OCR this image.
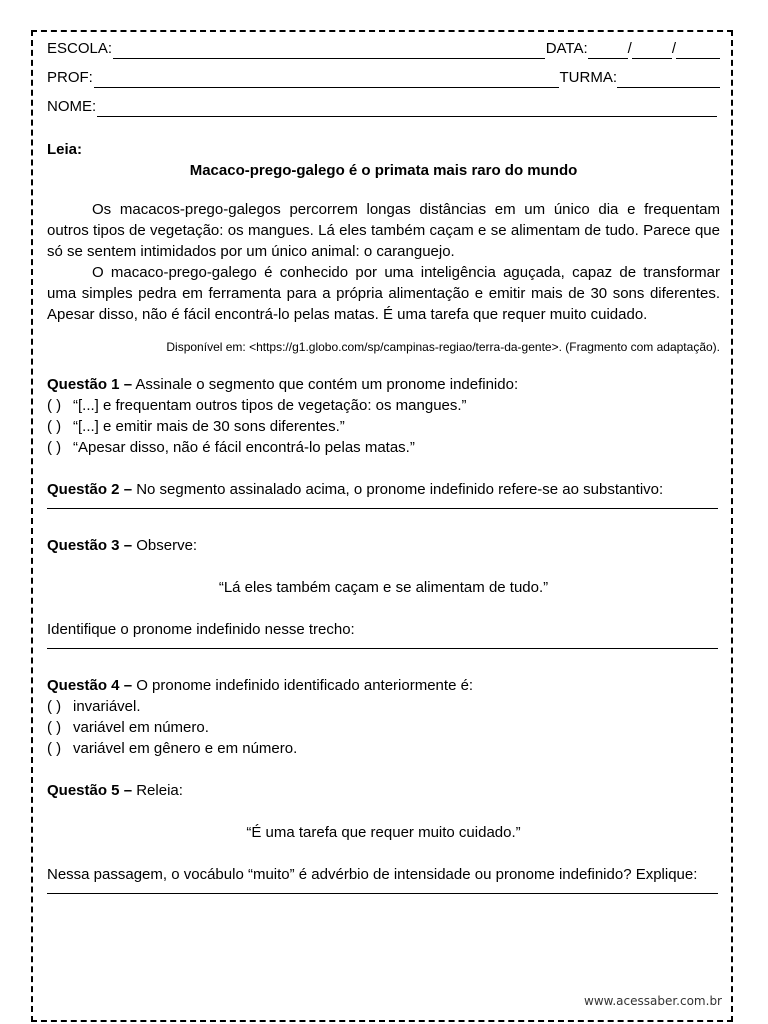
ESCOLA:	DATA:	/	/
PROF:	TURMA:
NOME:
Leia:
Macaco-prego-galego é o primata mais raro do mundo
Os macacos-prego-galegos percorrem longas distâncias em um único dia e frequentam outros tipos de vegetação: os mangues. Lá eles também caçam e se alimentam de tudo. Parece que só se sentem intimidados por um único animal: o caranguejo.
O macaco-prego-galego é conhecido por uma inteligência aguçada, capaz de transformar uma simples pedra em ferramenta para a própria alimentação e emitir mais de 30 sons diferentes. Apesar disso, não é fácil encontrá-lo pelas matas. É uma tarefa que requer muito cuidado.
Disponível em: <https://g1.globo.com/sp/campinas-regiao/terra-da-gente>. (Fragmento com adaptação).
Questão 1 – Assinale o segmento que contém um pronome indefinido:
( ) “[...] e frequentam outros tipos de vegetação: os mangues.”
( ) “[...] e emitir mais de 30 sons diferentes.”
( ) “Apesar disso, não é fácil encontrá-lo pelas matas.”
Questão 2 – No segmento assinalado acima, o pronome indefinido refere-se ao substantivo:
Questão 3 – Observe:
“Lá eles também caçam e se alimentam de tudo.”
Identifique o pronome indefinido nesse trecho:
Questão 4 – O pronome indefinido identificado anteriormente é:
( ) invariável.
( ) variável em número.
( ) variável em gênero e em número.
Questão 5 – Releia:
“É uma tarefa que requer muito cuidado.”
Nessa passagem, o vocábulo “muito” é advérbio de intensidade ou pronome indefinido? Explique:
www.acessaber.com.br
